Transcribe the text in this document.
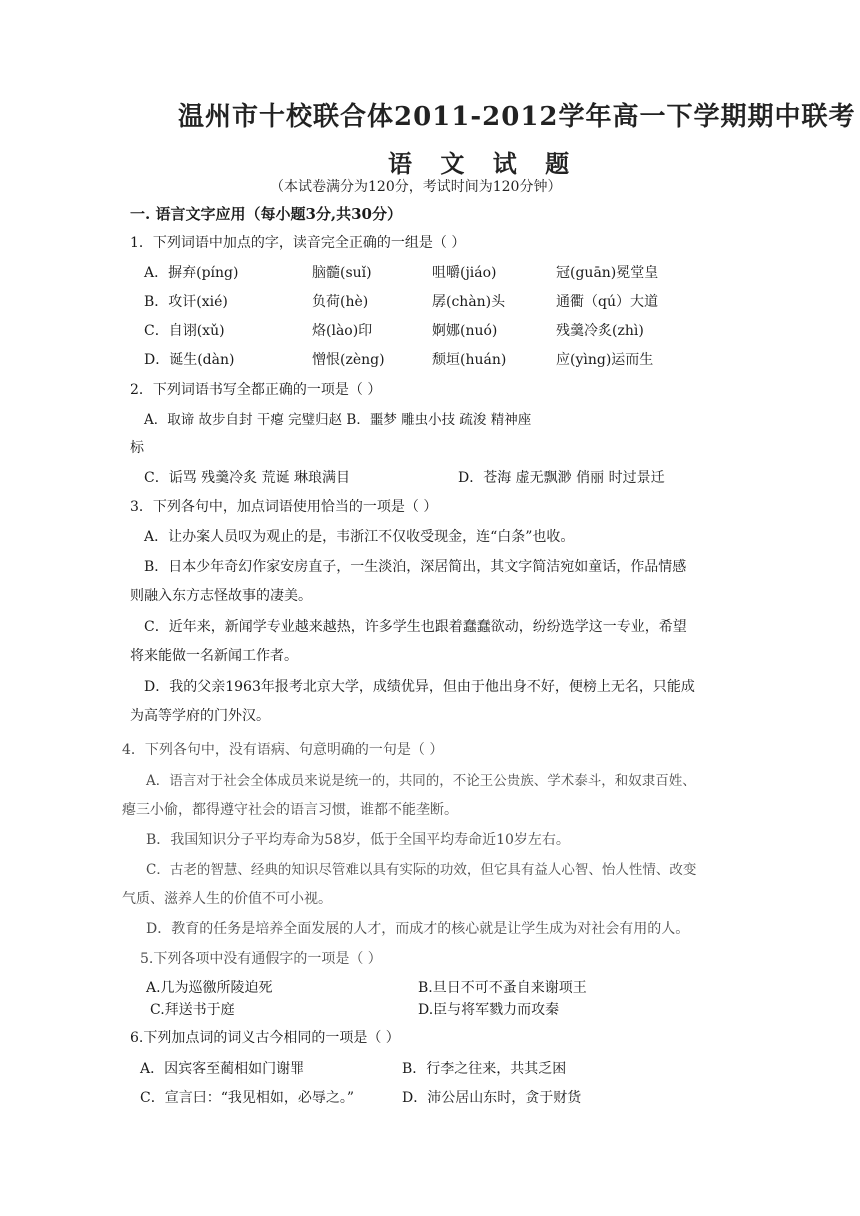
温州市十校联合体2011-2012学年高一下学期期中联考
语 文 试 题
（本试卷满分为120分，考试时间为120分钟）
一. 语言文字应用（每小题3分,共30分）
1．下列词语中加点的字，读音完全正确的一组是（ ）
A．摒弃(píng)	脑髓(suǐ)	咀嚼(jiáo)	冠(guān)冕堂皇
B．攻讦(xié)	负荷(hè)	孱(chàn)头	通衢（qú）大道
C．自诩(xǔ)	烙(lào)印	婀娜(nuó)	残羹冷炙(zhì)
D．诞生(dàn)	憎恨(zèng)	颓垣(huán)	应(yìng)运而生
2．下列词语书写全都正确的一项是（ ）
A．取谛 故步自封 干瘪 完璧归赵 B．噩梦 雕虫小技 疏浚 精神座
标
C．诟骂 残羹冷炙 荒诞 琳琅满目	D．苍海 虚无飘渺 俏丽 时过景迁
3．下列各句中，加点词语使用恰当的一项是（ ）
A．让办案人员叹为观止的是，韦浙江不仅收受现金，连“白条”也收。
B．日本少年奇幻作家安房直子，一生淡泊，深居简出，其文字简洁宛如童话，作品情感
则融入东方志怪故事的凄美。
C．近年来，新闻学专业越来越热，许多学生也跟着蠢蠢欲动，纷纷选学这一专业，希望
将来能做一名新闻工作者。
D．我的父亲1963年报考北京大学，成绩优异，但由于他出身不好，便榜上无名，只能成
为高等学府的门外汉。
4．下列各句中，没有语病、句意明确的一句是（ ）
A．语言对于社会全体成员来说是统一的，共同的，不论王公贵族、学术泰斗，和奴隶百姓、
瘪三小偷，都得遵守社会的语言习惯，谁都不能垄断。
B．我国知识分子平均寿命为58岁，低于全国平均寿命近10岁左右。
C．古老的智慧、经典的知识尽管难以具有实际的功效，但它具有益人心智、怡人性情、改变
气质、滋养人生的价值不可小视。
D．教育的任务是培养全面发展的人才，而成才的核心就是让学生成为对社会有用的人。
5.下列各项中没有通假字的一项是（ ）
A.几为巡徼所陵迫死	B.旦日不可不蚤自来谢项王
C.拜送书于庭	D.臣与将军戮力而攻秦
6.下列加点词的词义古今相同的一项是（ ）
A．因宾客至蔺相如门谢罪	B．行李之往来，共其乏困
C．宣言曰：“我见相如，必辱之。”	D．沛公居山东时，贪于财货
